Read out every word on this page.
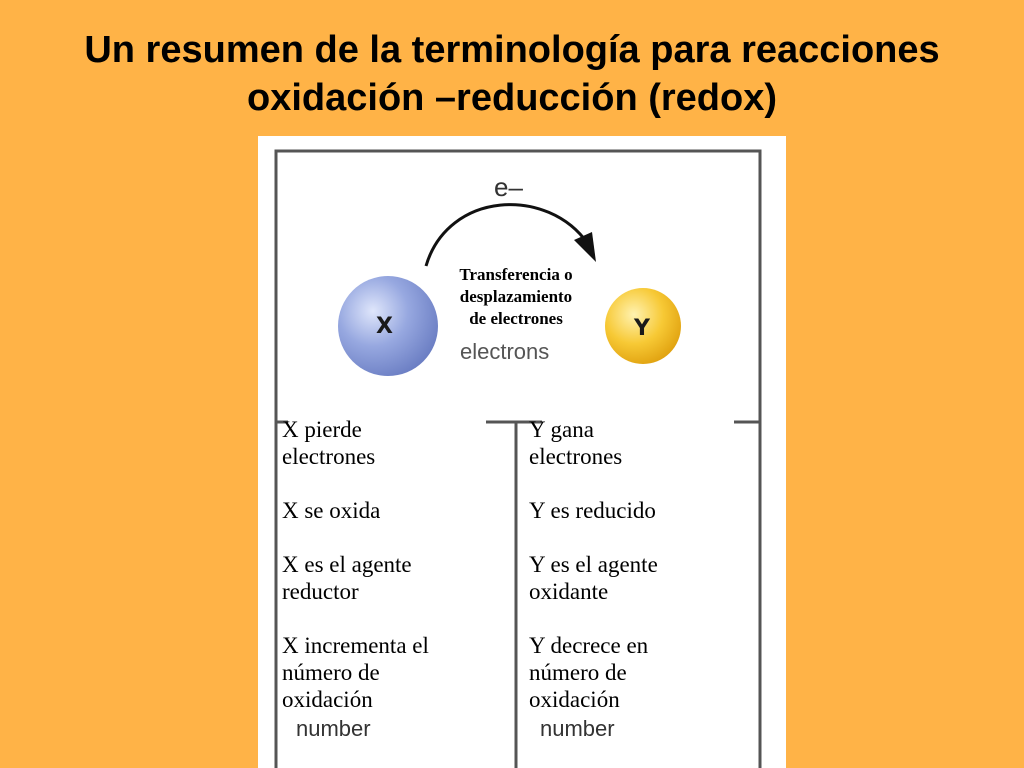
Un resumen de la terminología para reacciones
oxidación –reducción (redox)
e–
X	Y
Transferencia o
desplazamiento
de electrones
electrons

X pierde
electrones

X se oxida

X es el agente
reductor

X incrementa el
número de
oxidación

number

Y gana
electrones

Y es reducido

Y es el agente
oxidante

Y decrece en
número de
oxidación

number
